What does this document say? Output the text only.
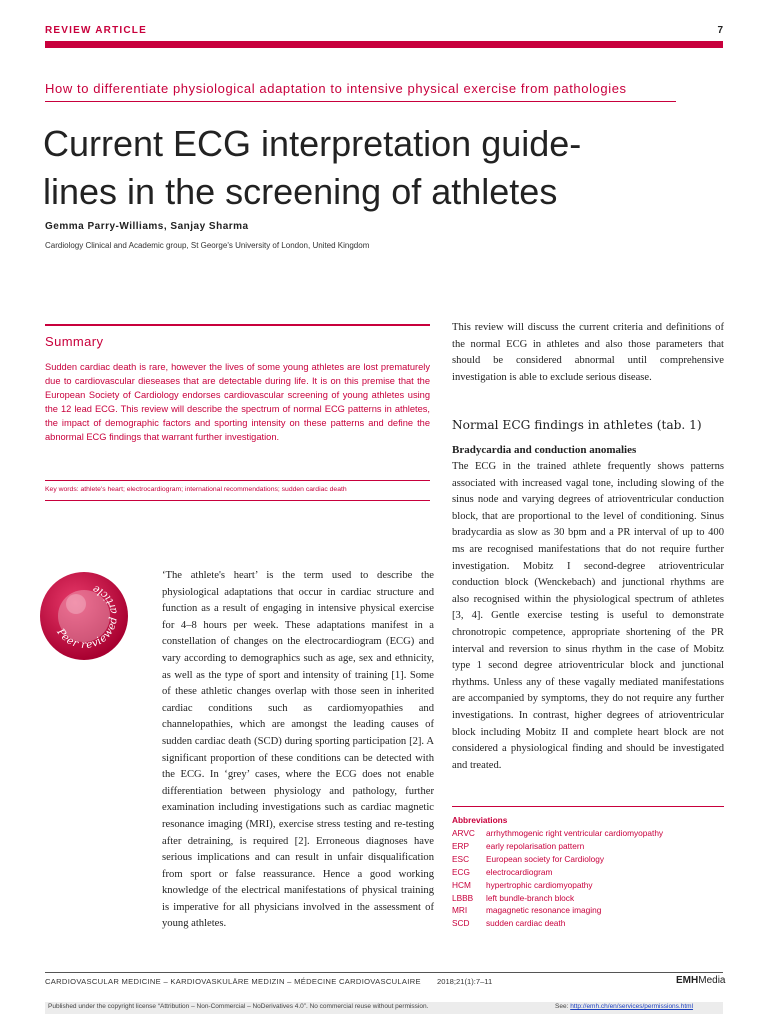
REVIEW ARTICLE	7
How to differentiate physiological adaptation to intensive physical exercise from pathologies
Current ECG interpretation guide-
lines in the screening of athletes
Gemma Parry-Williams, Sanjay Sharma
Cardiology Clinical and Academic group, St George's University of London, United Kingdom
Summary
Sudden cardiac death is rare, however the lives of some young athletes are lost prematurely due to cardiovascular dieseases that are detectable during life. It is on this premise that the European Society of Cardiology endorses cardiovascular screening of young athletes using the 12 lead ECG. This review will describe the spectrum of normal ECG patterns in athletes, the impact of demographic factors and sporting intensity on these patterns and define the abnormal ECG findings that warrant further investigation.
Key words: athlete's heart; electrocardiogram; international recommendations; sudden cardiac death
Peer reviewed article
‘The athlete's heart’ is the term used to describe the physiological adaptations that occur in cardiac structure and function as a result of engaging in intensive physical exercise for 4–8 hours per week. These adaptations manifest in a constellation of changes on the electrocardiogram (ECG) and vary according to demographics such as age, sex and ethnicity, as well as the type of sport and intensity of training [1]. Some of these athletic changes overlap with those seen in inherited cardiac conditions such as cardiomyopathies and channelopathies, which are amongst the leading causes of sudden cardiac death (SCD) during sporting participation [2]. A significant proportion of these conditions can be detected with the ECG. In ‘grey’ cases, where the ECG does not enable differentiation between physiology and pathology, further examination including investigations such as cardiac magnetic resonance imaging (MRI), exercise stress testing and re-testing after detraining, is required [2]. Erroneous diagnoses have serious implications and can result in unfair disqualification from sport or false reassurance. Hence a good working knowledge of the electrical manifestations of physical training is imperative for all physicians involved in the assessment of young athletes.
This review will discuss the current criteria and definitions of the normal ECG in athletes and also those parameters that should be considered abnormal until comprehensive investigation is able to exclude serious disease.
Normal ECG findings in athletes (tab. 1)
Bradycardia and conduction anomalies
The ECG in the trained athlete frequently shows patterns associated with increased vagal tone, including slowing of the sinus node and varying degrees of atrioventricular conduction block, that are proportional to the level of conditioning. Sinus bradycardia as slow as 30 bpm and a PR interval of up to 400 ms are recognised manifestations that do not require further investigation. Mobitz I second-degree atrioventricular conduction block (Wenckebach) and junctional rhythms are also recognised within the physiological spectrum of athletes [3, 4]. Gentle exercise testing is useful to demonstrate chronotropic competence, appropriate shortening of the PR interval and reversion to sinus rhythm in the case of Mobitz type 1 second degree atrioventricular block and junctional rhythms. Unless any of these vagally mediated manifestations are accompanied by symptoms, they do not require any further investigations. In contrast, higher degrees of atrioventricular block including Mobitz II and complete heart block are not considered a physiological finding and should be investigated and treated.
Abbreviations
ARVC	arrhythmogenic right ventricular cardiomyopathy
ERP	early repolarisation pattern
ESC	European society for Cardiology
ECG	electrocardiogram
HCM	hypertrophic cardiomyopathy
LBBB	left bundle-branch block
MRI	magagnetic resonance imaging
SCD	sudden cardiac death
CARDIOVASCULAR MEDICINE – KARDIOVASKULÄRE MEDIZIN – MÉDECINE CARDIOVASCULAIRE 2018;21(1):7–11	EMHMedia
Published under the copyright license “Attribution – Non-Commercial – NoDerivatives 4.0”. No commercial reuse without permission.	See: http://emh.ch/en/services/permissions.html
